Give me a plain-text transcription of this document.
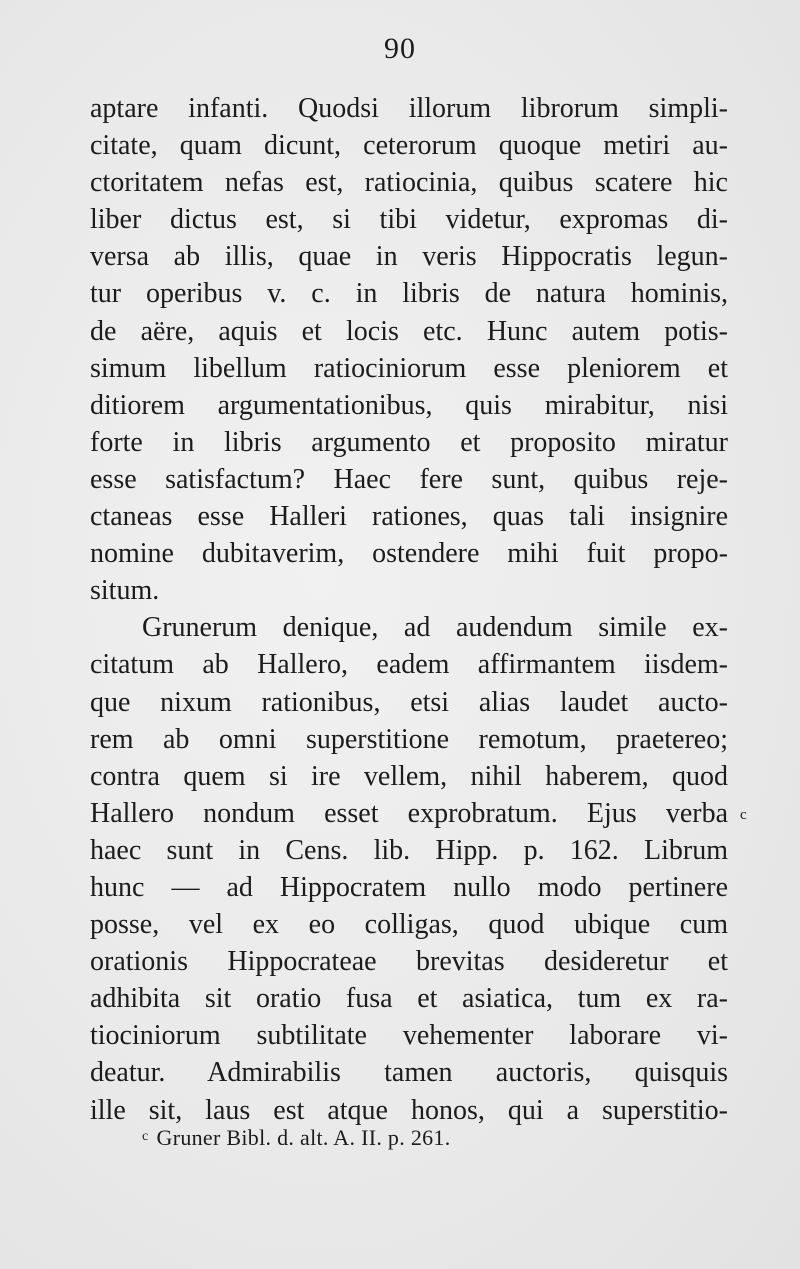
90
aptare infanti. Quodsi illorum librorum simpli-
citate, quam dicunt, ceterorum quoque metiri au-
ctoritatem nefas est, ratiocinia, quibus scatere hic
liber dictus est, si tibi videtur, expromas di-
versa ab illis, quae in veris Hippocratis legun-
tur operibus v. c. in libris de natura hominis,
de aëre, aquis et locis etc. Hunc autem potis-
simum libellum ratiociniorum esse pleniorem et
ditiorem argumentationibus, quis mirabitur, nisi
forte in libris argumento et proposito miratur
esse satisfactum? Haec fere sunt, quibus reje-
ctaneas esse Halleri rationes, quas tali insignire
nomine dubitaverim, ostendere mihi fuit propo-
situm.
Grunerum denique, ad audendum simile ex-
citatum ab Hallero, eadem affirmantem iisdem-
que nixum rationibus, etsi alias laudet aucto-
rem ab omni superstitione remotum, praetereo;
contra quem si ire vellem, nihil haberem, quod
Hallero nondum esset exprobratum. Ejus verba
haec sunt in Cens. lib. Hipp. p. 162. Librum
hunc — ad Hippocratem nullo modo pertinere
posse, vel ex eo colligas, quod ubique cum
orationis Hippocrateae brevitas desideretur et
adhibita sit oratio fusa et asiatica, tum ex ra-
tiociniorum subtilitate vehementer laborare vi-
deatur. Admirabilis tamen auctoris, quisquis
ille sit, laus est atque honos, qui a superstitio-
c
$^c$ Gruner Bibl. d. alt. A. II. p. 261.
